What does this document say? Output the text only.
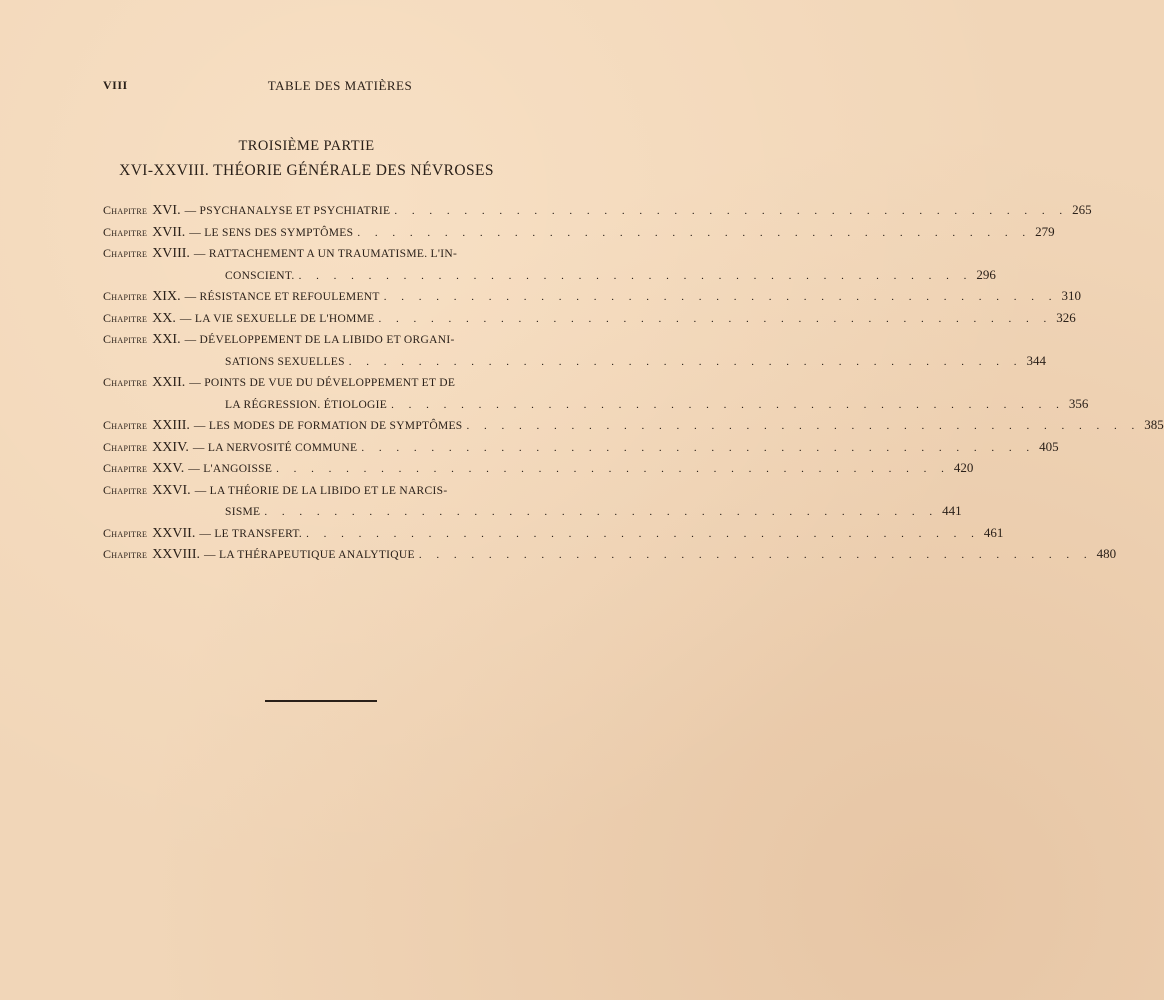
VIII	TABLE DES MATIÈRES
TROISIÈME PARTIE
XVI-XXVIII. THÉORIE GÉNÉRALE DES NÉVROSES
Chapitre XVI. — PSYCHANALYSE ET PSYCHIATRIE . . . . . . . . . . . . . . . . . . . . . . . . . . . . . . . . . . . . . . . 265
Chapitre XVII. — LE SENS DES SYMPTÔMES . . . . . . . . . . . . . . . . . . . . . . . . . . . . . . . . . . . . . . . 279
Chapitre XVIII. — RATTACHEMENT A UN TRAUMATISME. L'IN-
CONSCIENT. . . . . . . . . . . . . . . . . . . . . . . . . . . . . . . . . . . . . . . . 296
Chapitre XIX. — RÉSISTANCE ET REFOULEMENT . . . . . . . . . . . . . . . . . . . . . . . . . . . . . . . . . . . . . . . 310
Chapitre XX. — LA VIE SEXUELLE DE L'HOMME . . . . . . . . . . . . . . . . . . . . . . . . . . . . . . . . . . . . . . . 326
Chapitre XXI. — DÉVELOPPEMENT DE LA LIBIDO ET ORGANI-
SATIONS SEXUELLES . . . . . . . . . . . . . . . . . . . . . . . . . . . . . . . . . . . . . . . 344
Chapitre XXII. — POINTS DE VUE DU DÉVELOPPEMENT ET DE
LA RÉGRESSION. ÉTIOLOGIE . . . . . . . . . . . . . . . . . . . . . . . . . . . . . . . . . . . . . . . 356
Chapitre XXIII. — LES MODES DE FORMATION DE SYMPTÔMES . . . . . . . . . . . . . . . . . . . . . . . . . . . . . . . . . . . . . . . 385
Chapitre XXIV. — LA NERVOSITÉ COMMUNE . . . . . . . . . . . . . . . . . . . . . . . . . . . . . . . . . . . . . . . 405
Chapitre XXV. — L'ANGOISSE . . . . . . . . . . . . . . . . . . . . . . . . . . . . . . . . . . . . . . . 420
Chapitre XXVI. — LA THÉORIE DE LA LIBIDO ET LE NARCIS-
SISME . . . . . . . . . . . . . . . . . . . . . . . . . . . . . . . . . . . . . . . 441
Chapitre XXVII. — LE TRANSFERT. . . . . . . . . . . . . . . . . . . . . . . . . . . . . . . . . . . . . . . . 461
Chapitre XXVIII. — LA THÉRAPEUTIQUE ANALYTIQUE . . . . . . . . . . . . . . . . . . . . . . . . . . . . . . . . . . . . . . . 480
